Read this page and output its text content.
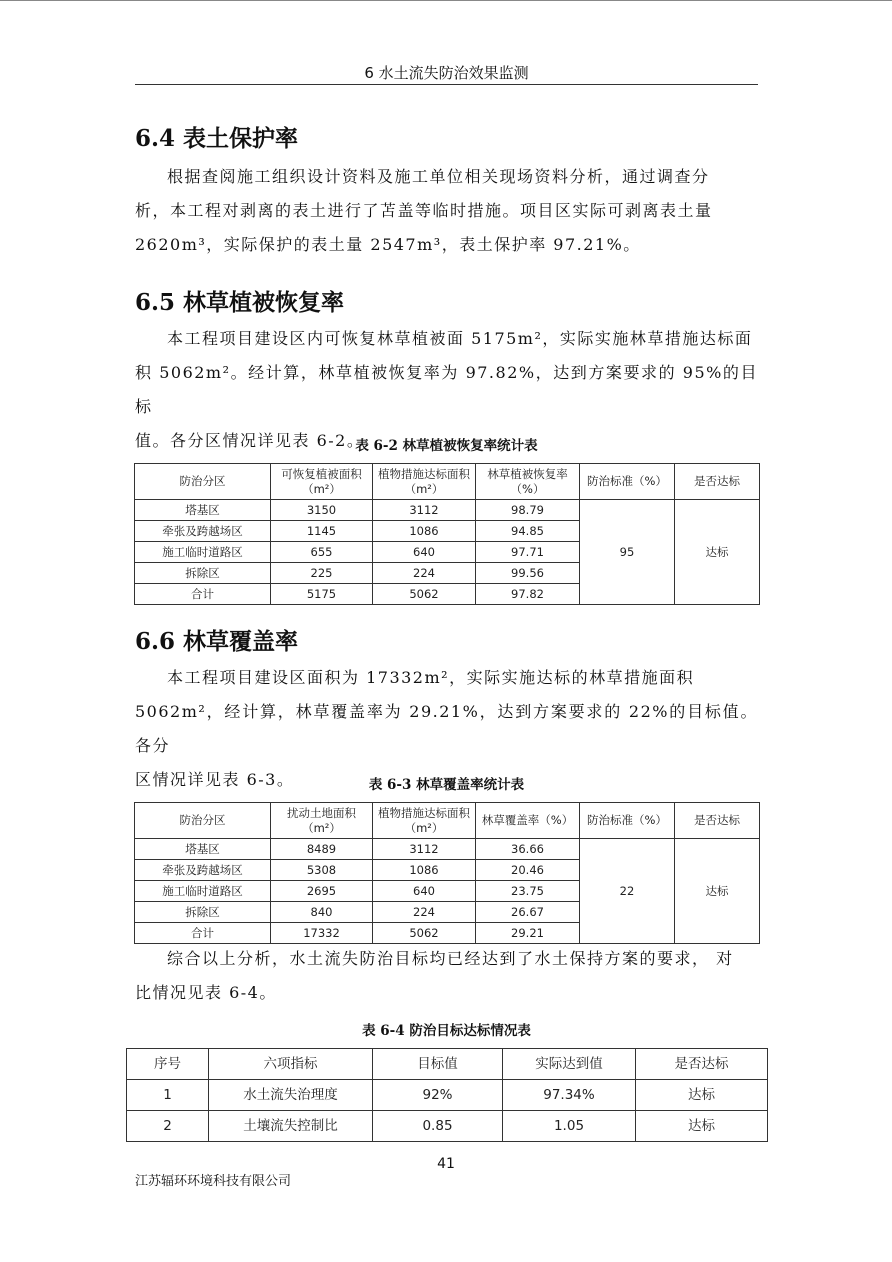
6 水土流失防治效果监测
6.4 表土保护率
根据查阅施工组织设计资料及施工单位相关现场资料分析，通过调查分
析，本工程对剥离的表土进行了苫盖等临时措施。项目区实际可剥离表土量
2620m³，实际保护的表土量 2547m³，表土保护率 97.21%。
6.5 林草植被恢复率
本工程项目建设区内可恢复林草植被面 5175m²，实际实施林草措施达标面
积 5062m²。经计算，林草植被恢复率为 97.82%，达到方案要求的 95%的目标
值。各分区情况详见表 6-2。
表 6-2 林草植被恢复率统计表
防治分区	可恢复植被面积（m²）	植物措施达标面积（m²）	林草植被恢复率（%）	防治标准（%）	是否达标
塔基区	3150	3112	98.79	95	达标
牵张及跨越场区	1145	1086	94.85		
施工临时道路区	655	640	97.71		
拆除区	225	224	99.56		
合计	5175	5062	97.82		
6.6 林草覆盖率
本工程项目建设区面积为 17332m²，实际实施达标的林草措施面积
5062m²，经计算，林草覆盖率为 29.21%，达到方案要求的 22%的目标值。各分
区情况详见表 6-3。	表 6-3 林草覆盖率统计表
防治分区	扰动土地面积（m²）	植物措施达标面积（m²）	林草覆盖率（%）	防治标准（%）	是否达标
塔基区	8489	3112	36.66	22	达标
牵张及跨越场区	5308	1086	20.46		
施工临时道路区	2695	640	23.75		
拆除区	840	224	26.67		
合计	17332	5062	29.21		
综合以上分析，水土流失防治目标均已经达到了水土保持方案的要求， 对
比情况见表 6-4。
表 6-4 防治目标达标情况表
序号	六项指标	目标值	实际达到值	是否达标
1	水土流失治理度	92%	97.34%	达标
2	土壤流失控制比	0.85	1.05	达标
41
江苏辐环环境科技有限公司
